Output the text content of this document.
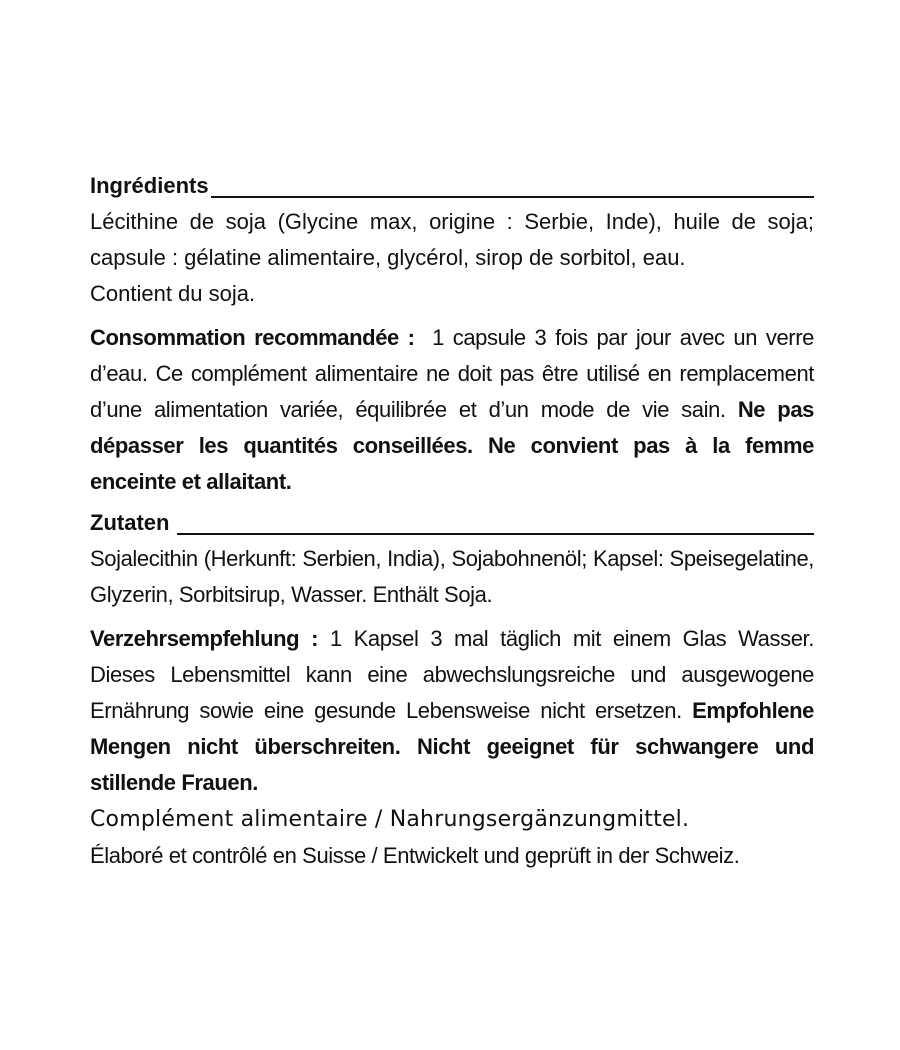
Ingrédients

Lécithine de soja (Glycine max, origine : Serbie, Inde), huile de soja;

capsule : gélatine alimentaire, glycérol, sirop de sorbitol, eau.

Contient du soja.

Consommation recommandée : 1 capsule 3 fois par jour avec un verre d’eau. Ce complément alimentaire ne doit pas être utilisé en remplacement d’une alimentation variée, équilibrée et d’un mode de vie sain. Ne pas dépasser les quantités conseillées. Ne convient pas à la femme enceinte et allaitant.

Zutaten

Sojalecithin (Herkunft: Serbien, India), Sojabohnenöl; Kapsel: Speisegelatine, Glyzerin, Sorbitsirup, Wasser. Enthält Soja.

Verzehrsempfehlung : 1 Kapsel 3 mal täglich mit einem Glas Wasser. Dieses Lebensmittel kann eine abwechslungsreiche und ausgewogene Ernährung sowie eine gesunde Lebensweise nicht ersetzen. Empfohlene Mengen nicht überschreiten. Nicht geeignet für schwangere und stillende Frauen.

Complément alimentaire / Nahrungsergänzungmittel.

Élaboré et contrôlé en Suisse / Entwickelt und geprüft in der Schweiz.
